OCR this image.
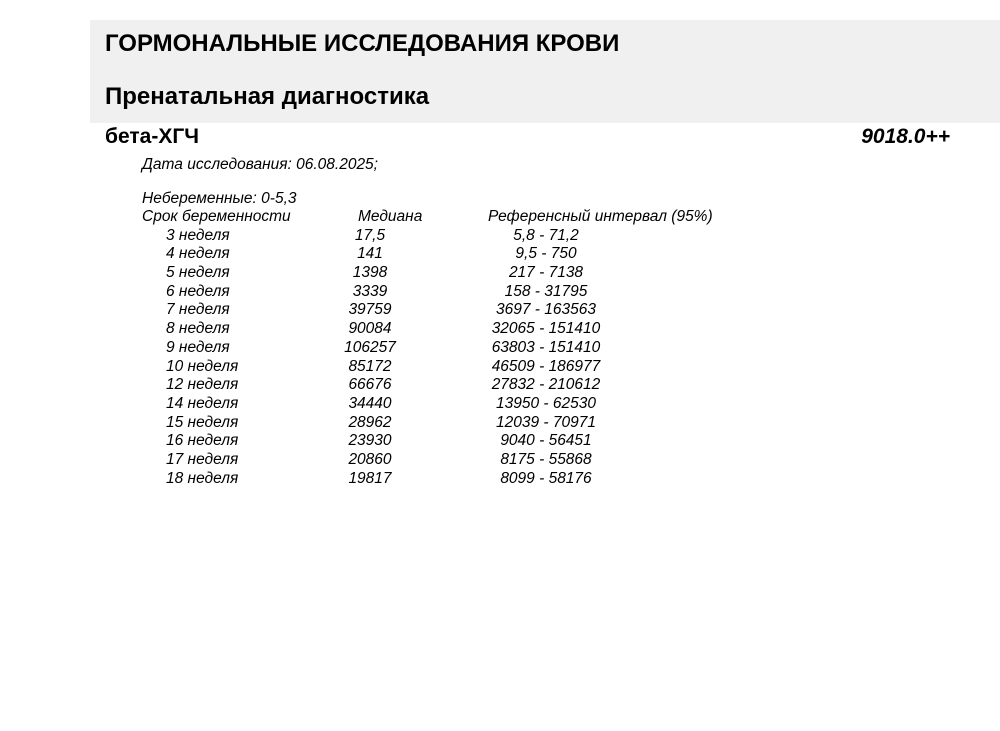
ГОРМОНАЛЬНЫЕ ИССЛЕДОВАНИЯ КРОВИ
Пренатальная диагностика
бета-ХГЧ	9018.0++
Дата исследования: 06.08.2025;
Небеременные: 0-5,3
Срок беременности	Медиана	Референсный интервал (95%)
3 неделя	17,5	5,8 - 71,2
4 неделя	141	9,5 - 750
5 неделя	1398	217 - 7138
6 неделя	3339	158 - 31795
7 неделя	39759	3697 - 163563
8 неделя	90084	32065 - 151410
9 неделя	106257	63803 - 151410
10 неделя	85172	46509 - 186977
12 неделя	66676	27832 - 210612
14 неделя	34440	13950 - 62530
15 неделя	28962	12039 - 70971
16 неделя	23930	9040 - 56451
17 неделя	20860	8175 - 55868
18 неделя	19817	8099 - 58176
